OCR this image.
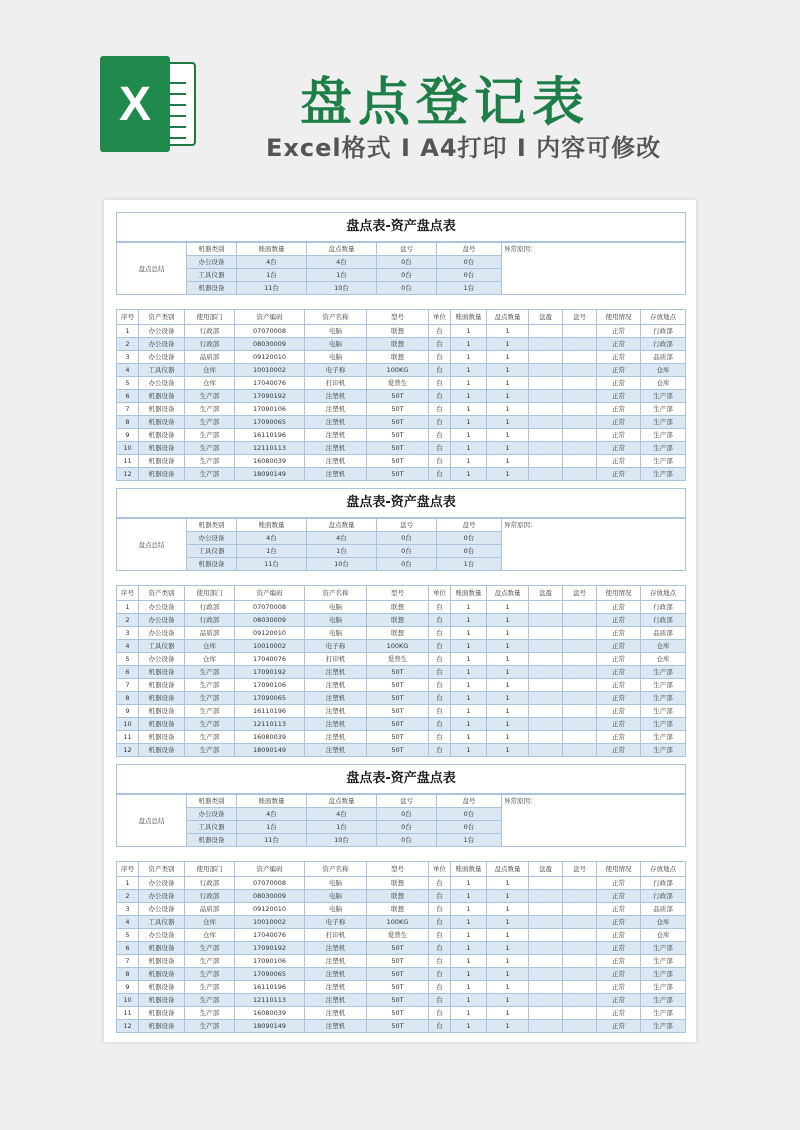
X	盘点登记表
Excel格式 I A4打印 I 内容可修改
盘点表-资产盘点表
盘点总结	机器类别	账面数量	盘点数量	盘亏	盘号	异常原因：
	办公设备	4台	4台	0台	0台	
	工具仪器	1台	1台	0台	0台	
	机器设备	11台	10台	0台	1台	
序号	资产类别	使用部门	资产编码	资产名称	型号	单位	账面数量	盘点数量	盘盈	盘号	使用情况	存放地点
1	办公设备	行政部	07070008	电脑	联想	台	1	1			正常	行政部
2	办公设备	行政部	08030009	电脑	联想	台	1	1			正常	行政部
3	办公设备	品质部	09120010	电脑	联想	台	1	1			正常	品质部
4	工具仪器	仓库	10010002	电子称	100KG	台	1	1			正常	仓库
5	办公设备	仓库	17040076	打印机	爱普生	台	1	1			正常	仓库
6	机器设备	生产部	17090192	注塑机	50T	台	1	1			正常	生产部
7	机器设备	生产部	17090106	注塑机	50T	台	1	1			正常	生产部
8	机器设备	生产部	17090065	注塑机	50T	台	1	1			正常	生产部
9	机器设备	生产部	16110196	注塑机	50T	台	1	1			正常	生产部
10	机器设备	生产部	12110113	注塑机	50T	台	1	1			正常	生产部
11	机器设备	生产部	16080039	注塑机	50T	台	1	1			正常	生产部
12	机器设备	生产部	18090149	注塑机	50T	台	1	1			正常	生产部
盘点表-资产盘点表
盘点总结	机器类别	账面数量	盘点数量	盘亏	盘号	异常原因：
	办公设备	4台	4台	0台	0台	
	工具仪器	1台	1台	0台	0台	
	机器设备	11台	10台	0台	1台	
序号	资产类别	使用部门	资产编码	资产名称	型号	单位	账面数量	盘点数量	盘盈	盘号	使用情况	存放地点
1	办公设备	行政部	07070008	电脑	联想	台	1	1			正常	行政部
2	办公设备	行政部	08030009	电脑	联想	台	1	1			正常	行政部
3	办公设备	品质部	09120010	电脑	联想	台	1	1			正常	品质部
4	工具仪器	仓库	10010002	电子称	100KG	台	1	1			正常	仓库
5	办公设备	仓库	17040076	打印机	爱普生	台	1	1			正常	仓库
6	机器设备	生产部	17090192	注塑机	50T	台	1	1			正常	生产部
7	机器设备	生产部	17090106	注塑机	50T	台	1	1			正常	生产部
8	机器设备	生产部	17090065	注塑机	50T	台	1	1			正常	生产部
9	机器设备	生产部	16110196	注塑机	50T	台	1	1			正常	生产部
10	机器设备	生产部	12110113	注塑机	50T	台	1	1			正常	生产部
11	机器设备	生产部	16080039	注塑机	50T	台	1	1			正常	生产部
12	机器设备	生产部	18090149	注塑机	50T	台	1	1			正常	生产部
盘点表-资产盘点表
盘点总结	机器类别	账面数量	盘点数量	盘亏	盘号	异常原因：
	办公设备	4台	4台	0台	0台	
	工具仪器	1台	1台	0台	0台	
	机器设备	11台	10台	0台	1台	
序号	资产类别	使用部门	资产编码	资产名称	型号	单位	账面数量	盘点数量	盘盈	盘号	使用情况	存放地点
1	办公设备	行政部	07070008	电脑	联想	台	1	1			正常	行政部
2	办公设备	行政部	08030009	电脑	联想	台	1	1			正常	行政部
3	办公设备	品质部	09120010	电脑	联想	台	1	1			正常	品质部
4	工具仪器	仓库	10010002	电子称	100KG	台	1	1			正常	仓库
5	办公设备	仓库	17040076	打印机	爱普生	台	1	1			正常	仓库
6	机器设备	生产部	17090192	注塑机	50T	台	1	1			正常	生产部
7	机器设备	生产部	17090106	注塑机	50T	台	1	1			正常	生产部
8	机器设备	生产部	17090065	注塑机	50T	台	1	1			正常	生产部
9	机器设备	生产部	16110196	注塑机	50T	台	1	1			正常	生产部
10	机器设备	生产部	12110113	注塑机	50T	台	1	1			正常	生产部
11	机器设备	生产部	16080039	注塑机	50T	台	1	1			正常	生产部
12	机器设备	生产部	18090149	注塑机	50T	台	1	1			正常	生产部
